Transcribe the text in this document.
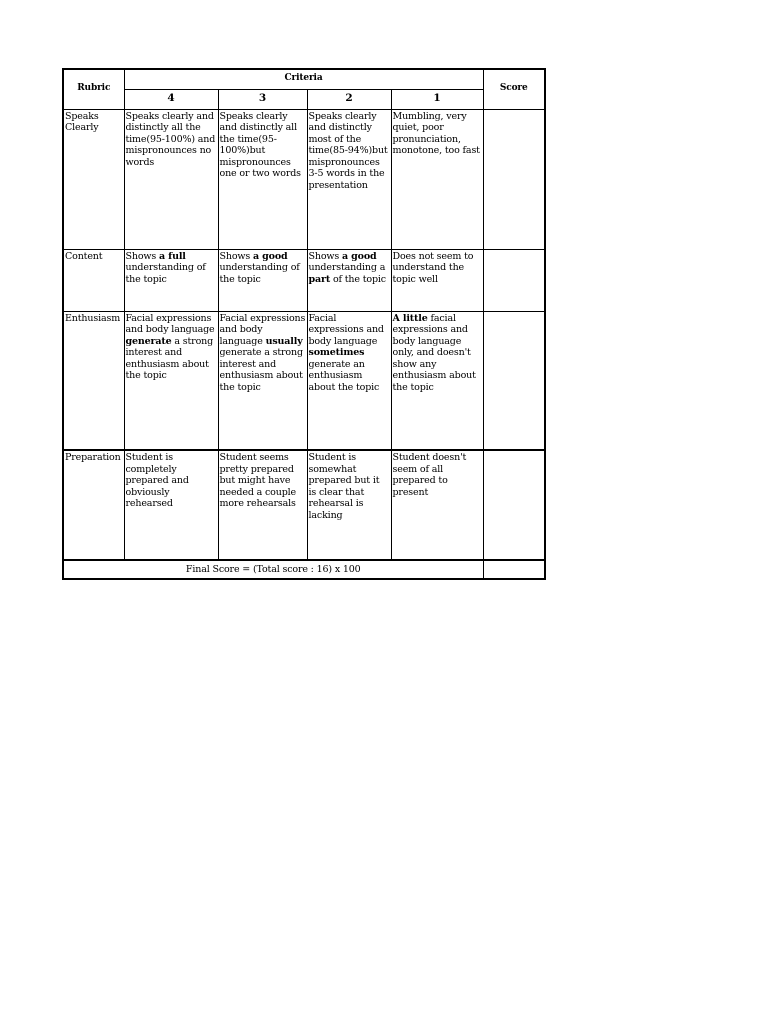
Rubric	Criteria				Score
	4	3	2	1	
Speaks Clearly	Speaks clearly and distinctly all the time(95-100%) and mispronounces no words	Speaks clearly and distinctly all the time(95-100%)but mispronounces one or two words	Speaks clearly and distinctly most of the time(85-94%)but mispronounces 3-5 words in the presentation	Mumbling, very quiet, poor pronunciation, monotone, too fast	
Content	Shows a full understanding of the topic	Shows a good understanding of the topic	Shows a good understanding a part of the topic	Does not seem to understand the topic well	
Enthusiasm	Facial expressions and body language generate a strong interest and enthusiasm about the topic	Facial expressions and body language usually generate a strong interest and enthusiasm about the topic	Facial expressions and body language sometimes generate an enthusiasm about the topic	A little facial expressions and body language only, and doesn't show any enthusiasm about the topic	
Preparation	Student is completely prepared and obviously rehearsed	Student seems pretty prepared but might have needed a couple more rehearsals	Student is somewhat prepared but it is clear that rehearsal is lacking	Student doesn't seem of all prepared to present	
Final Score = (Total score : 16) x 100					
